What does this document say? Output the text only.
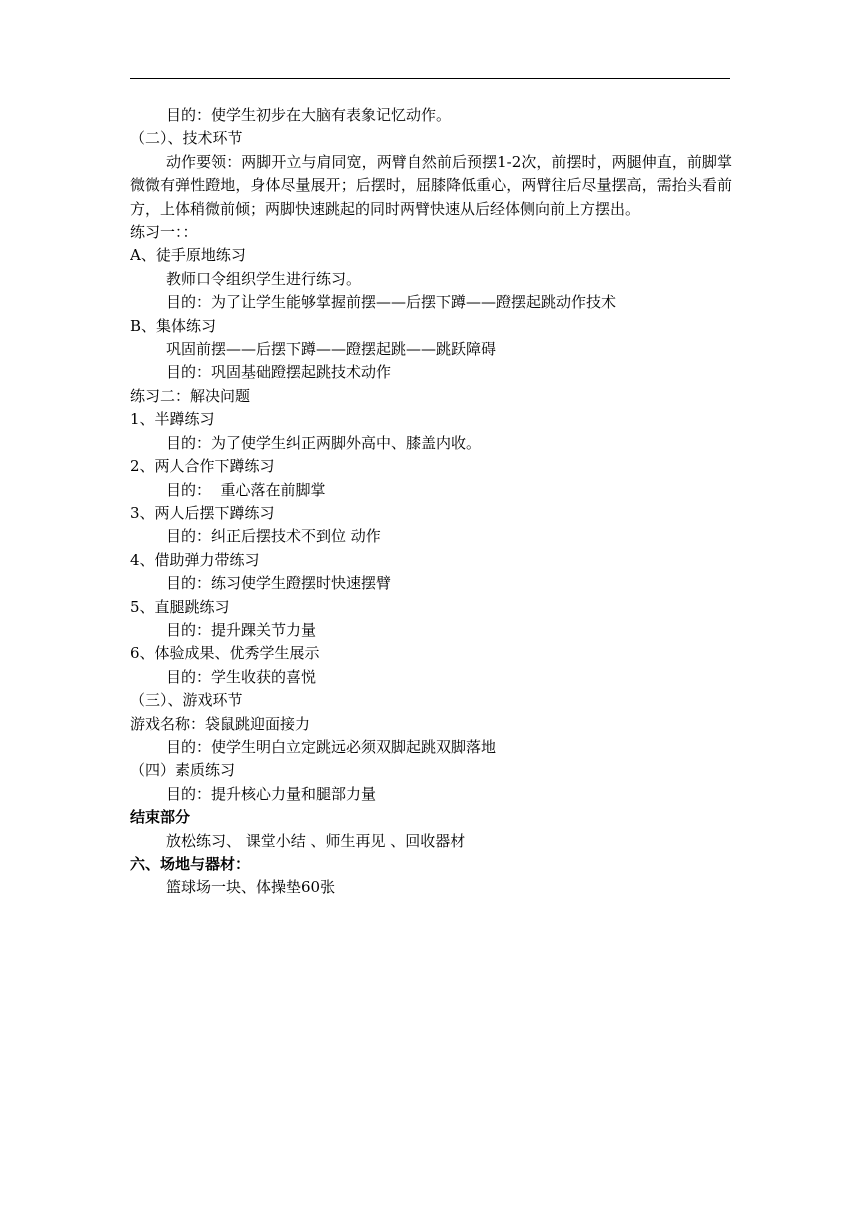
目的：使学生初步在大脑有表象记忆动作。
（二）、技术环节
动作要领：两脚开立与肩同宽，两臂自然前后预摆1-2次，前摆时，两腿伸直，前脚掌微微有弹性蹬地，身体尽量展开；后摆时，屈膝降低重心，两臂往后尽量摆高，需抬头看前方，上体稍微前倾；两脚快速跳起的同时两臂快速从后经体侧向前上方摆出。
练习一：：
A、徒手原地练习
教师口令组织学生进行练习。
目的：为了让学生能够掌握前摆——后摆下蹲——蹬摆起跳动作技术
B、集体练习
巩固前摆——后摆下蹲——蹬摆起跳——跳跃障碍
目的：巩固基础蹬摆起跳技术动作
练习二：解决问题
1、半蹲练习
目的：为了使学生纠正两脚外高中、膝盖内收。
2、两人合作下蹲练习
目的：  重心落在前脚掌
3、两人后摆下蹲练习
目的：纠正后摆技术不到位 动作
4、借助弹力带练习
目的：练习使学生蹬摆时快速摆臂
5、直腿跳练习
目的：提升踝关节力量
6、体验成果、优秀学生展示
目的：学生收获的喜悦
（三）、游戏环节
游戏名称：袋鼠跳迎面接力
目的：使学生明白立定跳远必须双脚起跳双脚落地
（四）素质练习
目的：提升核心力量和腿部力量
结束部分
放松练习、 课堂小结 、师生再见 、回收器材
六、场地与器材：
篮球场一块、体操垫60张
